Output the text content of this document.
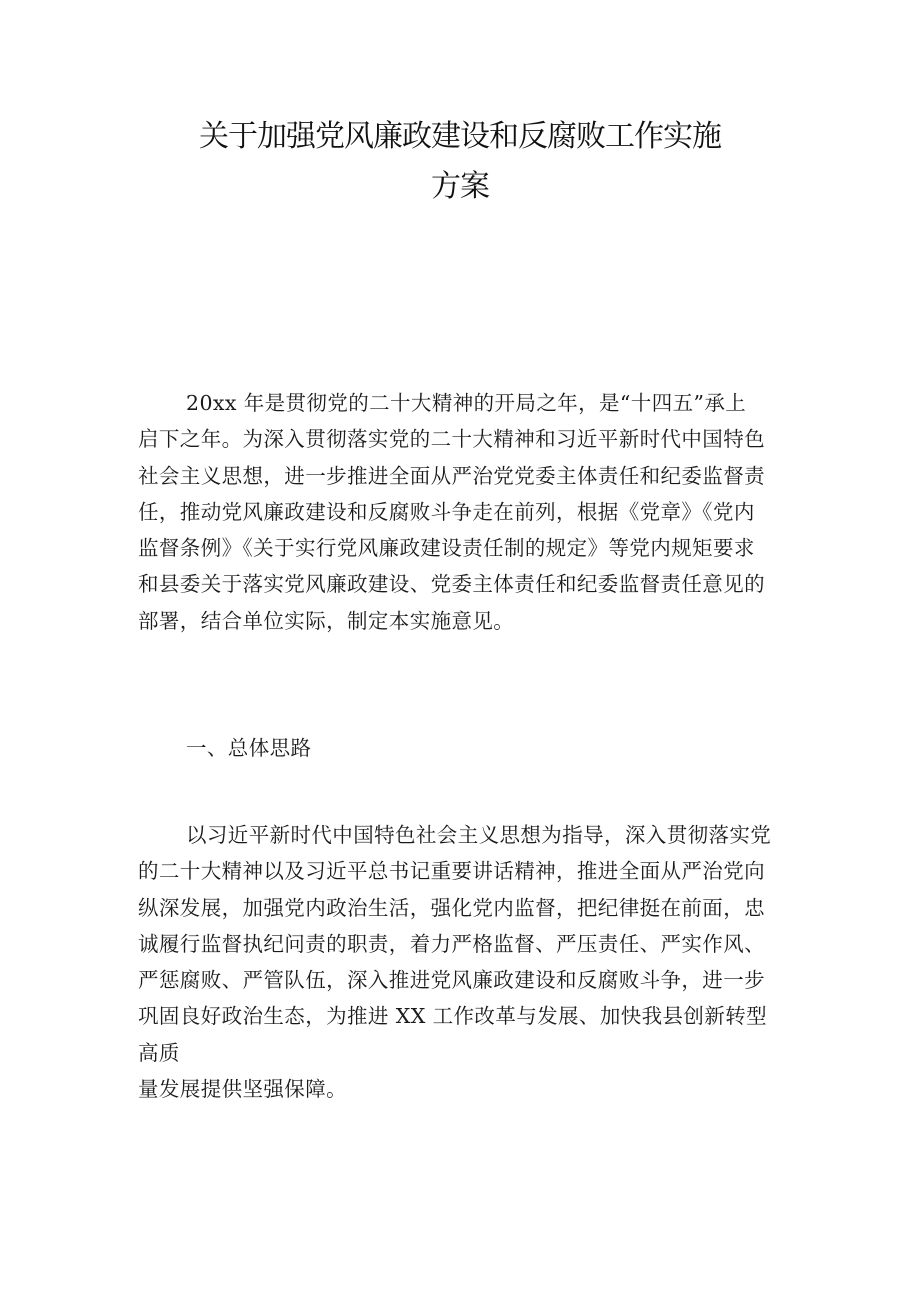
关于加强党风廉政建设和反腐败工作实施
方案
20xx 年是贯彻党的二十大精神的开局之年，是“十四五”承上
启下之年。为深入贯彻落实党的二十大精神和习近平新时代中国特色
社会主义思想，进一步推进全面从严治党党委主体责任和纪委监督责
任，推动党风廉政建设和反腐败斗争走在前列，根据《党章》《党内
监督条例》《关于实行党风廉政建设责任制的规定》等党内规矩要求
和县委关于落实党风廉政建设、党委主体责任和纪委监督责任意见的
部署，结合单位实际，制定本实施意见。
一、总体思路
以习近平新时代中国特色社会主义思想为指导，深入贯彻落实党
的二十大精神以及习近平总书记重要讲话精神，推进全面从严治党向
纵深发展，加强党内政治生活，强化党内监督，把纪律挺在前面，忠
诚履行监督执纪问责的职责，着力严格监督、严压责任、严实作风、
严惩腐败、严管队伍，深入推进党风廉政建设和反腐败斗争，进一步
巩固良好政治生态，为推进 XX 工作改革与发展、加快我县创新转型
高质
量发展提供坚强保障。
